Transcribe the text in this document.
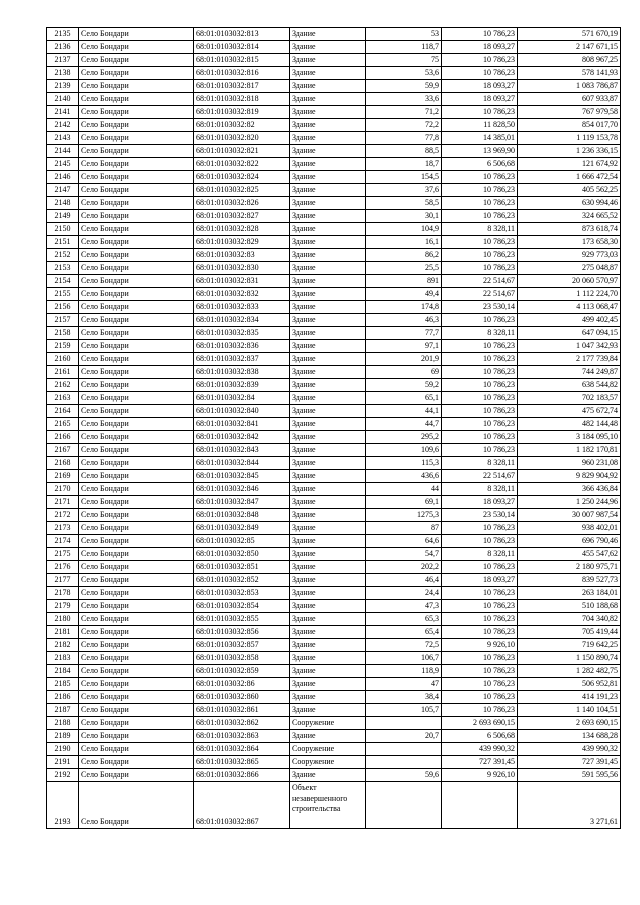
2135	Село Бондари	68:01:0103032:813	Здание	53	10 786,23	571 670,19
2136	Село Бондари	68:01:0103032:814	Здание	118,7	18 093,27	2 147 671,15
2137	Село Бондари	68:01:0103032:815	Здание	75	10 786,23	808 967,25
2138	Село Бондари	68:01:0103032:816	Здание	53,6	10 786,23	578 141,93
2139	Село Бондари	68:01:0103032:817	Здание	59,9	18 093,27	1 083 786,87
2140	Село Бондари	68:01:0103032:818	Здание	33,6	18 093,27	607 933,87
2141	Село Бондари	68:01:0103032:819	Здание	71,2	10 786,23	767 979,58
2142	Село Бондари	68:01:0103032:82	Здание	72,2	11 828,50	854 017,70
2143	Село Бондари	68:01:0103032:820	Здание	77,8	14 385,01	1 119 153,78
2144	Село Бондари	68:01:0103032:821	Здание	88,5	13 969,90	1 236 336,15
2145	Село Бондари	68:01:0103032:822	Здание	18,7	6 506,68	121 674,92
2146	Село Бондари	68:01:0103032:824	Здание	154,5	10 786,23	1 666 472,54
2147	Село Бондари	68:01:0103032:825	Здание	37,6	10 786,23	405 562,25
2148	Село Бондари	68:01:0103032:826	Здание	58,5	10 786,23	630 994,46
2149	Село Бондари	68:01:0103032:827	Здание	30,1	10 786,23	324 665,52
2150	Село Бондари	68:01:0103032:828	Здание	104,9	8 328,11	873 618,74
2151	Село Бондари	68:01:0103032:829	Здание	16,1	10 786,23	173 658,30
2152	Село Бондари	68:01:0103032:83	Здание	86,2	10 786,23	929 773,03
2153	Село Бондари	68:01:0103032:830	Здание	25,5	10 786,23	275 048,87
2154	Село Бондари	68:01:0103032:831	Здание	891	22 514,67	20 060 570,97
2155	Село Бондари	68:01:0103032:832	Здание	49,4	22 514,67	1 112 224,70
2156	Село Бондари	68:01:0103032:833	Здание	174,8	23 530,14	4 113 068,47
2157	Село Бондари	68:01:0103032:834	Здание	46,3	10 786,23	499 402,45
2158	Село Бондари	68:01:0103032:835	Здание	77,7	8 328,11	647 094,15
2159	Село Бондари	68:01:0103032:836	Здание	97,1	10 786,23	1 047 342,93
2160	Село Бондари	68:01:0103032:837	Здание	201,9	10 786,23	2 177 739,84
2161	Село Бондари	68:01:0103032:838	Здание	69	10 786,23	744 249,87
2162	Село Бондари	68:01:0103032:839	Здание	59,2	10 786,23	638 544,82
2163	Село Бондари	68:01:0103032:84	Здание	65,1	10 786,23	702 183,57
2164	Село Бондари	68:01:0103032:840	Здание	44,1	10 786,23	475 672,74
2165	Село Бондари	68:01:0103032:841	Здание	44,7	10 786,23	482 144,48
2166	Село Бондари	68:01:0103032:842	Здание	295,2	10 786,23	3 184 095,10
2167	Село Бондари	68:01:0103032:843	Здание	109,6	10 786,23	1 182 170,81
2168	Село Бондари	68:01:0103032:844	Здание	115,3	8 328,11	960 231,08
2169	Село Бондари	68:01:0103032:845	Здание	436,6	22 514,67	9 829 904,92
2170	Село Бондари	68:01:0103032:846	Здание	44	8 328,11	366 436,84
2171	Село Бондари	68:01:0103032:847	Здание	69,1	18 093,27	1 250 244,96
2172	Село Бондари	68:01:0103032:848	Здание	1275,3	23 530,14	30 007 987,54
2173	Село Бондари	68:01:0103032:849	Здание	87	10 786,23	938 402,01
2174	Село Бондари	68:01:0103032:85	Здание	64,6	10 786,23	696 790,46
2175	Село Бондари	68:01:0103032:850	Здание	54,7	8 328,11	455 547,62
2176	Село Бондари	68:01:0103032:851	Здание	202,2	10 786,23	2 180 975,71
2177	Село Бондари	68:01:0103032:852	Здание	46,4	18 093,27	839 527,73
2178	Село Бондари	68:01:0103032:853	Здание	24,4	10 786,23	263 184,01
2179	Село Бондари	68:01:0103032:854	Здание	47,3	10 786,23	510 188,68
2180	Село Бондари	68:01:0103032:855	Здание	65,3	10 786,23	704 340,82
2181	Село Бондари	68:01:0103032:856	Здание	65,4	10 786,23	705 419,44
2182	Село Бондари	68:01:0103032:857	Здание	72,5	9 926,10	719 642,25
2183	Село Бондари	68:01:0103032:858	Здание	106,7	10 786,23	1 150 890,74
2184	Село Бондари	68:01:0103032:859	Здание	118,9	10 786,23	1 282 482,75
2185	Село Бондари	68:01:0103032:86	Здание	47	10 786,23	506 952,81
2186	Село Бондари	68:01:0103032:860	Здание	38,4	10 786,23	414 191,23
2187	Село Бондари	68:01:0103032:861	Здание	105,7	10 786,23	1 140 104,51
2188	Село Бондари	68:01:0103032:862	Сооружение		2 693 690,15	2 693 690,15
2189	Село Бондари	68:01:0103032:863	Здание	20,7	6 506,68	134 688,28
2190	Село Бондари	68:01:0103032:864	Сооружение		439 990,32	439 990,32
2191	Село Бондари	68:01:0103032:865	Сооружение		727 391,45	727 391,45
2192	Село Бондари	68:01:0103032:866	Здание	59,6	9 926,10	591 595,56
2193	Село Бондари	68:01:0103032:867	Объект незавершенного строительства			3 271,61
